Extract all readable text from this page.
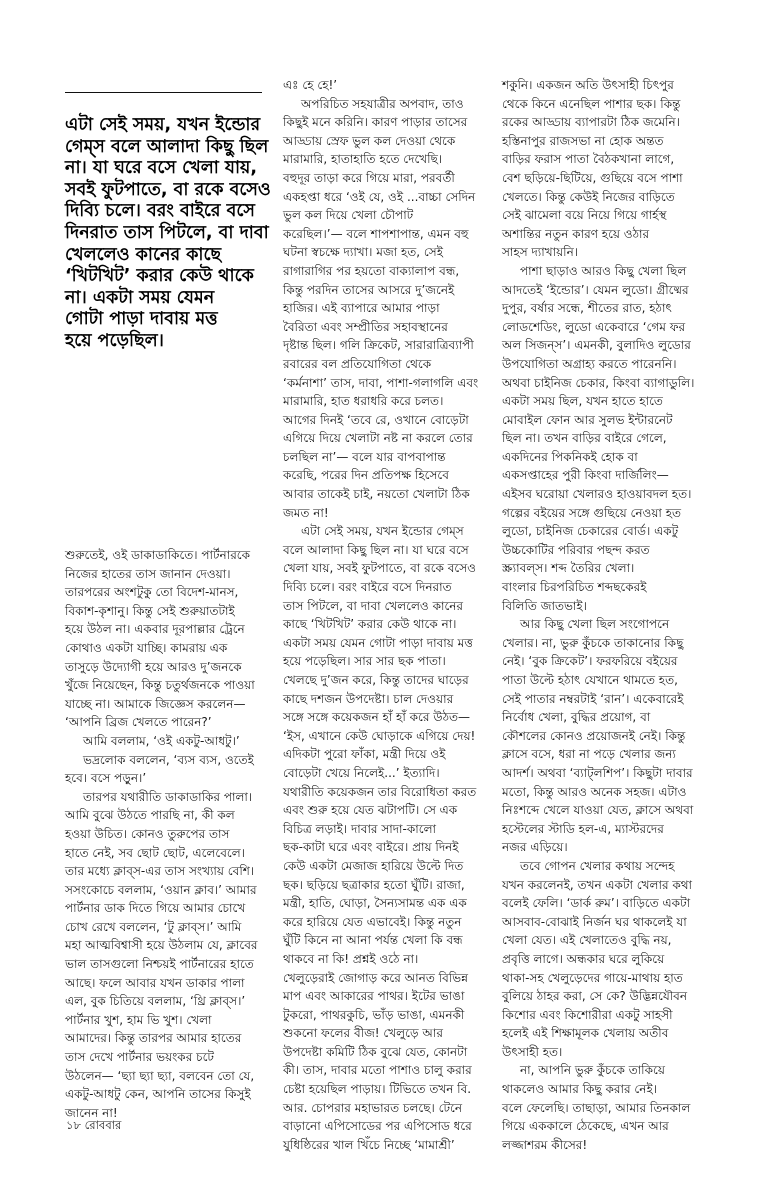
এটা সেই সময়, যখন ইন্ডোর
গেম্‌স বলে আলাদা কিছু ছিল
না। যা ঘরে বসে খেলা যায়,
সবই ফুটপাতে, বা রকে বসেও
দিব্যি চলে। বরং বাইরে বসে
দিনরাত তাস পিটলে, বা দাবা
খেললেও কানের কাছে
‘খিটখিট’ করার কেউ থাকে
না। একটা সময় যেমন
গোটা পাড়া দাবায় মত্ত
হয়ে পড়েছিল।
শুরুতেই, ওই ডাকাডাকিতে। পার্টনারকে
নিজের হাতের তাস জানান দেওয়া।
তারপরের অংশটুকু তো বিদেশ-মানস,
বিকাশ-কৃশানু। কিন্তু সেই শুরুয়াতটাই
হয়ে উঠল না। একবার দূরপাল্লার ট্রেনে
কোথাও একটা যাচ্ছি। কামরায় এক
তাসুড়ে উদ্যোগী হয়ে আরও দু’জনকে
খুঁজে নিয়েছেন, কিন্তু চতুর্থজনকে পাওয়া
যাচ্ছে না। আমাকে জিজ্ঞেস করলেন—
‘আপনি ব্রিজ খেলতে পারেন?’
আমি বললাম, ‘ওই একটু-আধটু।’
ভদ্রলোক বললেন, ‘ব্যস ব্যস, ওতেই
হবে। বসে পড়ুন।’
তারপর যথারীতি ডাকাডাকির পালা।
আমি বুঝে উঠতে পারছি না, কী কল
হওয়া উচিত। কোনও তুরুপের তাস
হাতে নেই, সব ছোট ছোট, এলেবেলে।
তার মধ্যে ক্লাব্‌স-এর তাস সংখ্যায় বেশি।
সসংকোচে বললাম, ‘ওয়ান ক্লাব।’ আমার
পার্টনার ডাক দিতে গিয়ে আমার চোখে
চোখ রেখে বললেন, ‘টু ক্লাব্‌স।’ আমি
মহা আত্মবিশ্বাসী হয়ে উঠলাম যে, ক্লাবের
ভাল তাসগুলো নিশ্চয়ই পার্টনারের হাতে
আছে। ফলে আবার যখন ডাকার পালা
এল, বুক চিতিয়ে বললাম, ‘থ্রি ক্লাব্‌স।’
পার্টনার খুশ, হাম ভি খুশ। খেলা
আমাদের। কিন্তু তারপর আমার হাতের
তাস দেখে পার্টনার ভয়ংকর চটে
উঠলেন— ‘ছ্যা ছ্যা ছ্যা, বলবেন তো যে,
একটু-আধটু কেন, আপনি তাসের কিসুই
জানেন না!
এঃ হে হে!’
অপরিচিত সহযাত্রীর অপবাদ, তাও
কিছুই মনে করিনি। কারণ পাড়ার তাসের
আড্ডায় স্রেফ ভুল কল দেওয়া থেকে
মারামারি, হাতাহাতি হতে দেখেছি।
বহুদূর তাড়া করে গিয়ে মারা, পরবর্তী
একহপ্তা ধরে ‘ওই যে, ওই ...বাচ্চা সেদিন
ভুল কল দিয়ে খেলা চৌপাট
করেছিল।’— বলে শাপশাপান্ত, এমন বহু
ঘটনা স্বচক্ষে দ্যাখা। মজা হত, সেই
রাগারাগির পর হয়তো বাক্যালাপ বন্ধ,
কিন্তু পরদিন তাসের আসরে দু’জনেই
হাজির। এই ব্যাপারে আমার পাড়া
বৈরিতা এবং সম্প্রীতির সহাবস্থানের
দৃষ্টান্ত ছিল। গলি ক্রিকেট, সারারাত্রিব্যাপী
রবারের বল প্রতিযোগিতা থেকে
‘কর্মনাশা’ তাস, দাবা, পাশা-গলাগলি এবং
মারামারি, হাত ধরাধরি করে চলত।
আগের দিনই ‘তবে রে, ওখানে বোড়েটা
এগিয়ে দিয়ে খেলাটা নষ্ট না করলে তোর
চলছিল না’— বলে যার বাপবাপান্ত
করেছি, পরের দিন প্রতিপক্ষ হিসেবে
আবার তাকেই চাই, নয়তো খেলাটা ঠিক
জমত না!
এটা সেই সময়, যখন ইন্ডোর গেম্‌স
বলে আলাদা কিছু ছিল না। যা ঘরে বসে
খেলা যায়, সবই ফুটপাতে, বা রকে বসেও
দিব্যি চলে। বরং বাইরে বসে দিনরাত
তাস পিটলে, বা দাবা খেললেও কানের
কাছে ‘খিটখিট’ করার কেউ থাকে না।
একটা সময় যেমন গোটা পাড়া দাবায় মত্ত
হয়ে পড়েছিল। সার সার ছক পাতা।
খেলছে দু’জন করে, কিন্তু তাদের ঘাড়ের
কাছে দশজন উপদেষ্টা। চাল দেওয়ার
সঙ্গে সঙ্গে কয়েকজন হাঁ হাঁ করে উঠত—
‘ইস, এখানে কেউ ঘোড়াকে এগিয়ে দেয়!
এদিকটা পুরো ফাঁকা, মন্ত্রী দিয়ে ওই
বোড়েটা খেয়ে নিলেই...’ ইত্যাদি।
যথারীতি কয়েকজন তার বিরোধিতা করত
এবং শুরু হয়ে যেত ঝটাপটি। সে এক
বিচিত্র লড়াই। দাবার সাদা-কালো
ছক-কাটা ঘরে এবং বাইরে। প্রায় দিনই
কেউ একটা মেজাজ হারিয়ে উল্টে দিত
ছক। ছড়িয়ে ছত্রাকার হতো ঘুঁটি। রাজা,
মন্ত্রী, হাতি, ঘোড়া, সৈন্যসামন্ত এক এক
করে হারিয়ে যেত এভাবেই। কিন্তু নতুন
ঘুঁটি কিনে না আনা পর্যন্ত খেলা কি বন্ধ
থাকবে না কি! প্রশ্নই ওঠে না।
খেলুড়েরাই জোগাড় করে আনত বিভিন্ন
মাপ এবং আকারের পাথর। ইটের ভাঙা
টুকরো, পাথরকুচি, ভাঁড় ভাঙা, এমনকী
শুকনো ফলের বীজ! খেলুড়ে আর
উপদেষ্টা কমিটি ঠিক বুঝে যেত, কোনটা
কী। তাস, দাবার মতো পাশাও চালু করার
চেষ্টা হয়েছিল পাড়ায়। টিভিতে তখন বি.
আর. চোপরার মহাভারত চলছে। টেনে
বাড়ানো এপিসোডের পর এপিসোড ধরে
যুধিষ্ঠিরের খাল খিঁচে নিচ্ছে ‘মামাশ্রী’
শকুনি। একজন অতি উৎসাহী চিৎপুর
থেকে কিনে এনেছিল পাশার ছক। কিন্তু
রকের আড্ডায় ব্যাপারটা ঠিক জমেনি।
হস্তিনাপুর রাজসভা না হোক অন্তত
বাড়ির ফরাস পাতা বৈঠকখানা লাগে,
বেশ ছড়িয়ে-ছিটিয়ে, গুছিয়ে বসে পাশা
খেলতে। কিন্তু কেউই নিজের বাড়িতে
সেই ঝামেলা বয়ে নিয়ে গিয়ে গার্হস্থ
অশান্তির নতুন কারণ হয়ে ওঠার
সাহস দ্যাখায়নি।
পাশা ছাড়াও আরও কিছু খেলা ছিল
আদতেই ‘ইন্ডোর’। যেমন লুডো। গ্রীষ্মের
দুপুর, বর্ষার সন্ধে, শীতের রাত, হঠাৎ
লোডশেডিং, লুডো একেবারে ‘গেম ফর
অল সিজন্‌স’। এমনকী, বুলাদিও লুডোর
উপযোগিতা অগ্রাহ্য করতে পারেননি।
অথবা চাইনিজ চেকার, কিংবা ব্যাগাডুলি।
একটা সময় ছিল, যখন হাতে হাতে
মোবাইল ফোন আর সুলভ ইন্টারনেট
ছিল না। তখন বাড়ির বাইরে গেলে,
একদিনের পিকনিকই হোক বা
একসপ্তাহের পুরী কিংবা দার্জিলিং—
এইসব ঘরোয়া খেলারও হাওয়াবদল হত।
গল্পের বইয়ের সঙ্গে গুছিয়ে নেওয়া হত
লুডো, চাইনিজ চেকারের বোর্ড। একটু
উচ্চকোটির পরিবার পছন্দ করত
স্ক্র্যাবল্‌স। শব্দ তৈরির খেলা।
বাংলার চিরপরিচিত শব্দছকেরই
বিলিতি জাতভাই।
আর কিছু খেলা ছিল সংগোপনে
খেলার। না, ভুরু কুঁচকে তাকানোর কিছু
নেই। ‘বুক ক্রিকেট’। ফরফরিয়ে বইয়ের
পাতা উল্টে হঠাৎ যেখানে থামতে হত,
সেই পাতার নম্বরটাই ‘রান’। একেবারেই
নির্বোধ খেলা, বুদ্ধির প্রয়োগ, বা
কৌশলের কোনও প্রয়োজনই নেই। কিন্তু
ক্লাসে বসে, ধরা না পড়ে খেলার জন্য
আদর্শ। অথবা ‘ব্যাট্‌লশিপ’। কিছুটা দাবার
মতো, কিন্তু আরও অনেক সহজ। এটাও
নিঃশব্দে খেলে যাওয়া যেত, ক্লাসে অথবা
হস্টেলের স্টাডি হল-এ, ম্যাস্টরদের
নজর এড়িয়ে।
তবে গোপন খেলার কথায় সন্দেহ
যখন করলেনই, তখন একটা খেলার কথা
বলেই ফেলি। ‘ডার্ক রুম’। বাড়িতে একটা
আসবাব-বোঝাই নির্জন ঘর থাকলেই যা
খেলা যেত। এই খেলাতেও বুদ্ধি নয়,
প্রবৃত্তি লাগে। অন্ধকার ঘরে লুকিয়ে
থাকা-সহ খেলুড়েদের গায়ে-মাথায় হাত
বুলিয়ে ঠাহর করা, সে কে? উদ্ভিন্নযৌবন
কিশোর এবং কিশোরীরা একটু সাহসী
হলেই এই শিক্ষামূলক খেলায় অতীব
উৎসাহী হত।
না, আপনি ভুরু কুঁচকে তাকিয়ে
থাকলেও আমার কিছু করার নেই।
বলে ফেলেছি। তাছাড়া, আমার তিনকাল
গিয়ে এককালে ঠেকেছে, এখন আর
লজ্জাশরম কীসের!
১৮ রোববার
